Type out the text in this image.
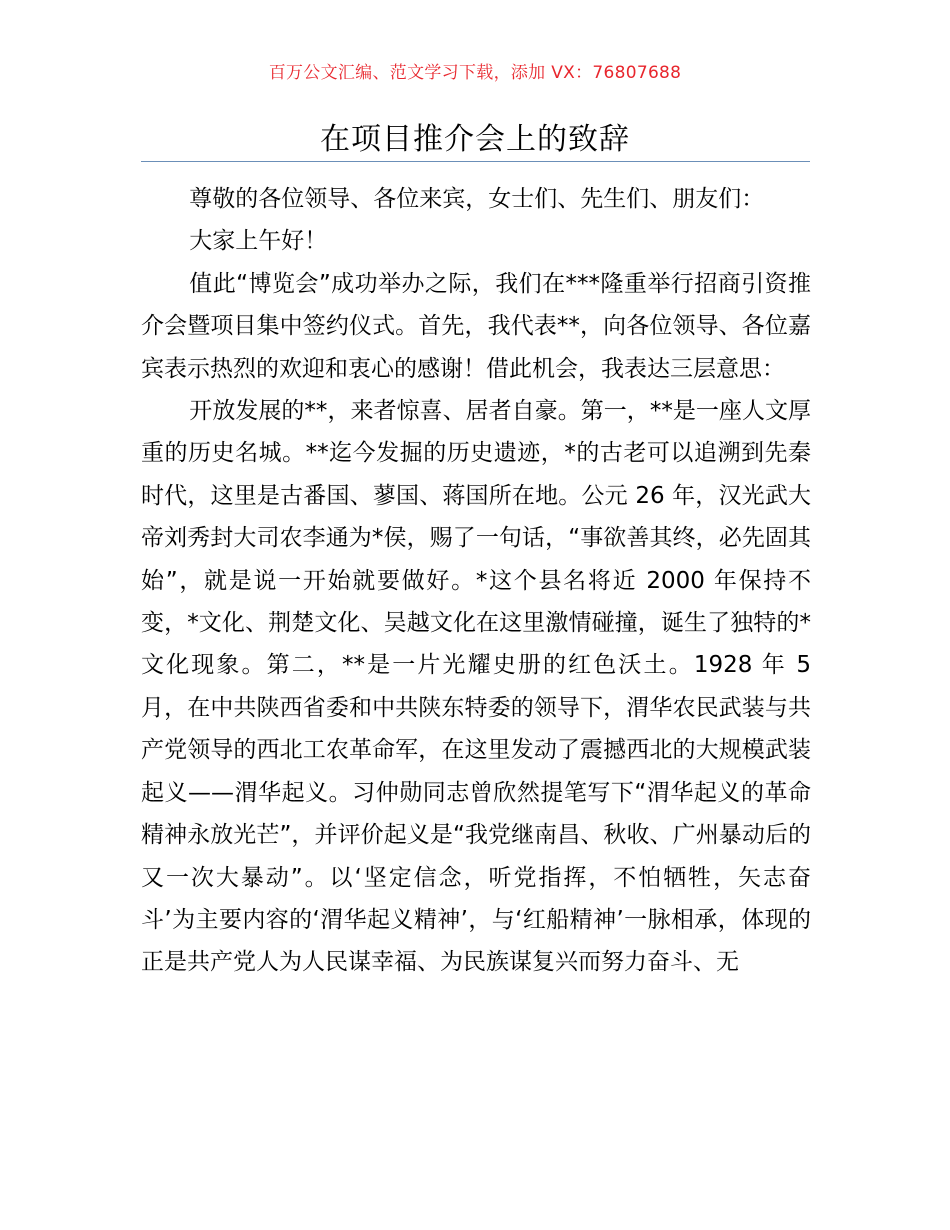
百万公文汇编、范文学习下载，添加 VX：76807688
在项目推介会上的致辞

尊敬的各位领导、各位来宾，女士们、先生们、朋友们：

大家上午好！

值此“博览会”成功举办之际，我们在***隆重举行招商引资推介会暨项目集中签约仪式。首先，我代表**，向各位领导、各位嘉宾表示热烈的欢迎和衷心的感谢！借此机会，我表达三层意思：

开放发展的**，来者惊喜、居者自豪。第一，**是一座人文厚重的历史名城。**迄今发掘的历史遗迹，*的古老可以追溯到先秦时代，这里是古番国、蓼国、蒋国所在地。公元 26 年，汉光武大帝刘秀封大司农李通为*侯，赐了一句话，“事欲善其终，必先固其始”，就是说一开始就要做好。*这个县名将近 2000 年保持不变，*文化、荆楚文化、吴越文化在这里激情碰撞，诞生了独特的*文化现象。第二，**是一片光耀史册的红色沃土。1928 年 5 月，在中共陕西省委和中共陕东特委的领导下，渭华农民武装与共产党领导的西北工农革命军，在这里发动了震撼西北的大规模武装起义——渭华起义。习仲勋同志曾欣然提笔写下“渭华起义的革命精神永放光芒”，并评价起义是“我党继南昌、秋收、广州暴动后的又一次大暴动”。以‘坚定信念，听党指挥，不怕牺牲，矢志奋斗’为主要内容的‘渭华起义精神’，与‘红船精神’一脉相承，体现的正是共产党人为人民谋幸福、为民族谋复兴而努力奋斗、无
